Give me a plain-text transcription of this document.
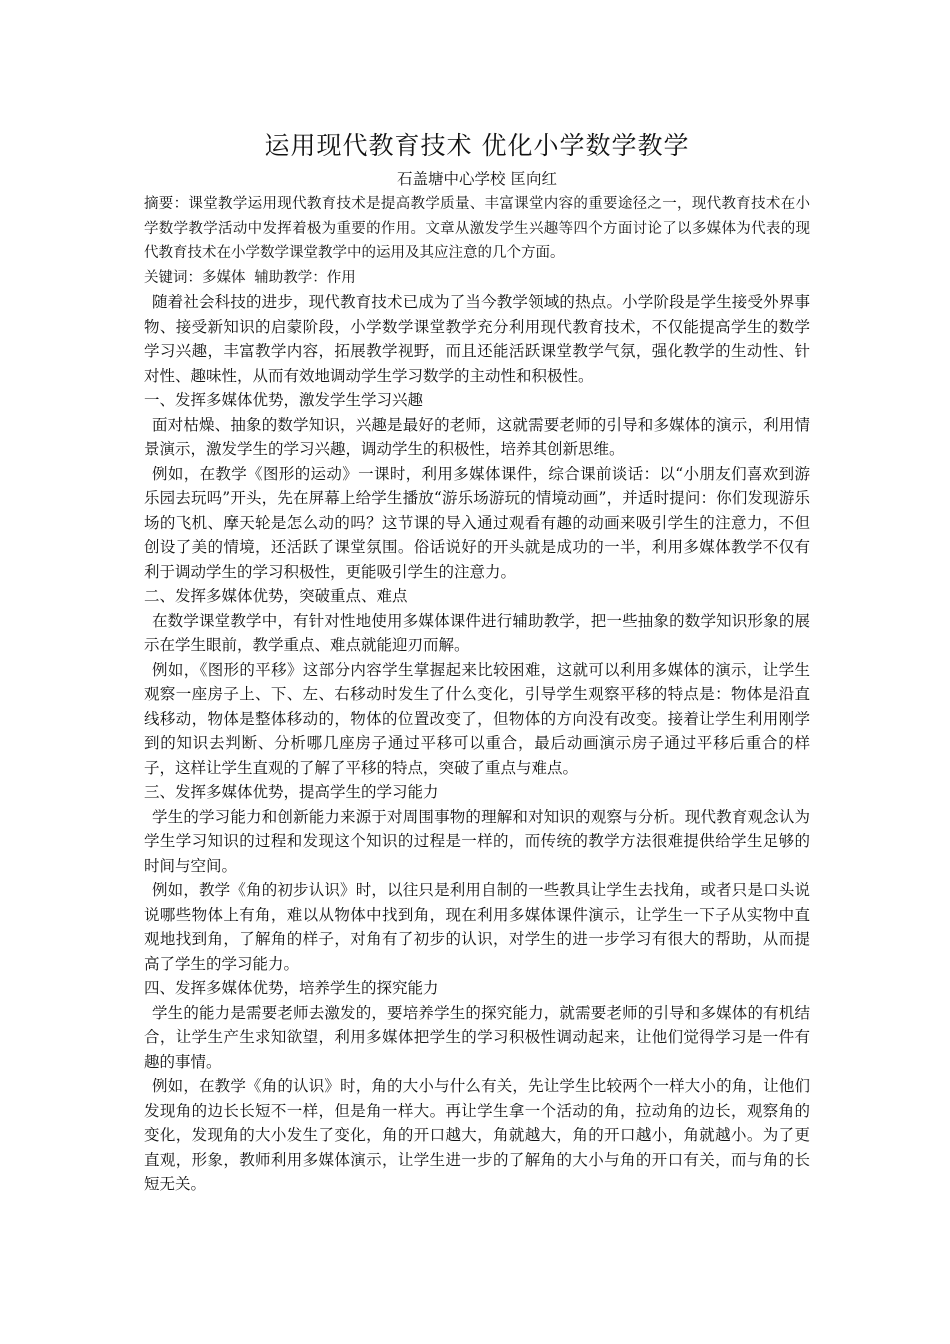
运用现代教育技术 优化小学数学教学

石盖塘中心学校 匡向红

摘要：课堂教学运用现代教育技术是提高教学质量、丰富课堂内容的重要途径之一，现代教育技术在小学数学教学活动中发挥着极为重要的作用。文章从激发学生兴趣等四个方面讨论了以多媒体为代表的现代教育技术在小学数学课堂教学中的运用及其应注意的几个方面。

关键词：多媒体 辅助教学：作用

随着社会科技的进步，现代教育技术已成为了当今教学领域的热点。小学阶段是学生接受外界事物、接受新知识的启蒙阶段，小学数学课堂教学充分利用现代教育技术，不仅能提高学生的数学学习兴趣，丰富教学内容，拓展教学视野，而且还能活跃课堂教学气氛，强化教学的生动性、针对性、趣味性，从而有效地调动学生学习数学的主动性和积极性。

一、发挥多媒体优势，激发学生学习兴趣

面对枯燥、抽象的数学知识，兴趣是最好的老师，这就需要老师的引导和多媒体的演示，利用情景演示，激发学生的学习兴趣，调动学生的积极性，培养其创新思维。

例如，在教学《图形的运动》一课时，利用多媒体课件，综合课前谈话：以“小朋友们喜欢到游乐园去玩吗”开头，先在屏幕上给学生播放“游乐场游玩的情境动画”，并适时提问：你们发现游乐场的飞机、摩天轮是怎么动的吗？这节课的导入通过观看有趣的动画来吸引学生的注意力，不但创设了美的情境，还活跃了课堂氛围。俗话说好的开头就是成功的一半，利用多媒体教学不仅有利于调动学生的学习积极性，更能吸引学生的注意力。

二、发挥多媒体优势，突破重点、难点

在数学课堂教学中，有针对性地使用多媒体课件进行辅助教学，把一些抽象的数学知识形象的展示在学生眼前，教学重点、难点就能迎刃而解。

例如，《图形的平移》这部分内容学生掌握起来比较困难，这就可以利用多媒体的演示，让学生观察一座房子上、下、左、右移动时发生了什么变化，引导学生观察平移的特点是：物体是沿直线移动，物体是整体移动的，物体的位置改变了，但物体的方向没有改变。接着让学生利用刚学到的知识去判断、分析哪几座房子通过平移可以重合，最后动画演示房子通过平移后重合的样子，这样让学生直观的了解了平移的特点，突破了重点与难点。

三、发挥多媒体优势，提高学生的学习能力

学生的学习能力和创新能力来源于对周围事物的理解和对知识的观察与分析。现代教育观念认为学生学习知识的过程和发现这个知识的过程是一样的，而传统的教学方法很难提供给学生足够的时间与空间。

例如，教学《角的初步认识》时，以往只是利用自制的一些教具让学生去找角，或者只是口头说说哪些物体上有角，难以从物体中找到角，现在利用多媒体课件演示，让学生一下子从实物中直观地找到角，了解角的样子，对角有了初步的认识，对学生的进一步学习有很大的帮助，从而提高了学生的学习能力。

四、发挥多媒体优势，培养学生的探究能力

学生的能力是需要老师去激发的，要培养学生的探究能力，就需要老师的引导和多媒体的有机结合，让学生产生求知欲望，利用多媒体把学生的学习积极性调动起来，让他们觉得学习是一件有趣的事情。

例如，在教学《角的认识》时，角的大小与什么有关，先让学生比较两个一样大小的角，让他们发现角的边长长短不一样，但是角一样大。再让学生拿一个活动的角，拉动角的边长，观察角的变化，发现角的大小发生了变化，角的开口越大，角就越大，角的开口越小，角就越小。为了更直观，形象，教师利用多媒体演示，让学生进一步的了解角的大小与角的开口有关，而与角的长短无关。
